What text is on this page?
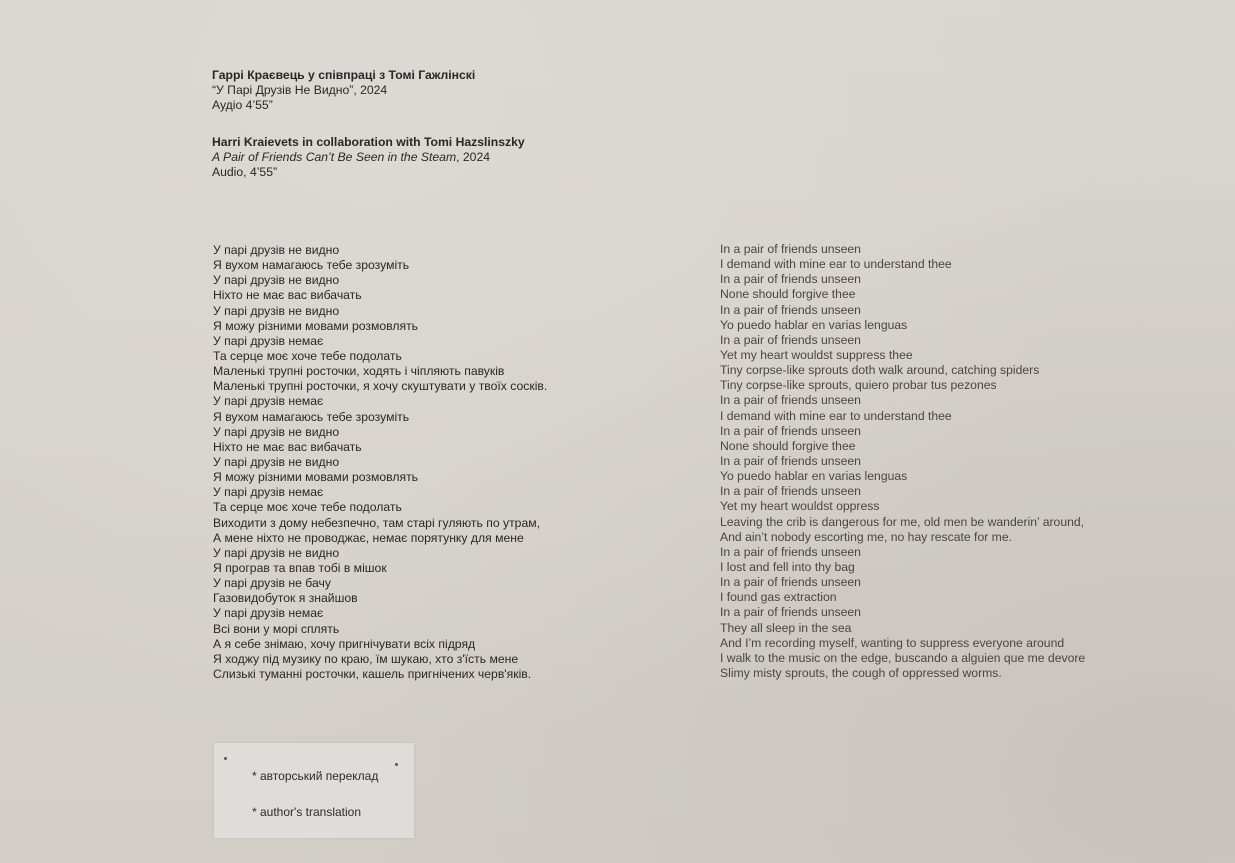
Гаррі Краєвець у співпраці з Томі Гажлінскі
“У Парі Друзів Не Видно”, 2024
Аудіо 4’55”
Harri Kraievets in collaboration with Tomi Hazslinszky
A Pair of Friends Can’t Be Seen in the Steam, 2024
Audio, 4’55”
У парі друзів не видно
Я вухом намагаюсь тебе зрозуміть
У парі друзів не видно
Ніхто не має вас вибачать
У парі друзів не видно
Я можу різними мовами розмовлять
У парі друзів немає
Та серце моє хоче тебе подолать
Маленькі трупні росточки, ходять і чіпляють павуків
Маленькі трупні росточки, я хочу скуштувати у твоїх сосків.
У парі друзів немає
Я вухом намагаюсь тебе зрозуміть
У парі друзів не видно
Ніхто не має вас вибачать
У парі друзів не видно
Я можу різними мовами розмовлять
У парі друзів немає
Та серце моє хоче тебе подолать
Виходити з дому небезпечно, там старі гуляють по утрам,
А мене ніхто не проводжає, немає порятунку для мене
У парі друзів не видно
Я програв та впав тобі в мішок
У парі друзів не бачу
Газовидобуток я знайшов
У парі друзів немає
Всі вони у морі сплять
А я себе знімаю, хочу пригнічувати всіх підряд
Я ходжу під музику по краю, їм шукаю, хто з'їсть мене
Слизькі туманні росточки, кашель пригнічених черв'яків.
In a pair of friends unseen
I demand with mine ear to understand thee
In a pair of friends unseen
None should forgive thee
In a pair of friends unseen
Yo puedo hablar en varias lenguas
In a pair of friends unseen
Yet my heart wouldst suppress thee
Tiny corpse-like sprouts doth walk around, catching spiders
Tiny corpse-like sprouts, quiero probar tus pezones
In a pair of friends unseen
I demand with mine ear to understand thee
In a pair of friends unseen
None should forgive thee
In a pair of friends unseen
Yo puedo hablar en varias lenguas
In a pair of friends unseen
Yet my heart wouldst oppress
Leaving the crib is dangerous for me, old men be wanderin’ around,
And ain’t nobody escorting me, no hay rescate for me.
In a pair of friends unseen
I lost and fell into thy bag
In a pair of friends unseen
I found gas extraction
In a pair of friends unseen
They all sleep in the sea
And I’m recording myself, wanting to suppress everyone around
I walk to the music on the edge, buscando a alguien que me devore
Slimy misty sprouts, the cough of oppressed worms.
* авторський переклад
* author's translation
